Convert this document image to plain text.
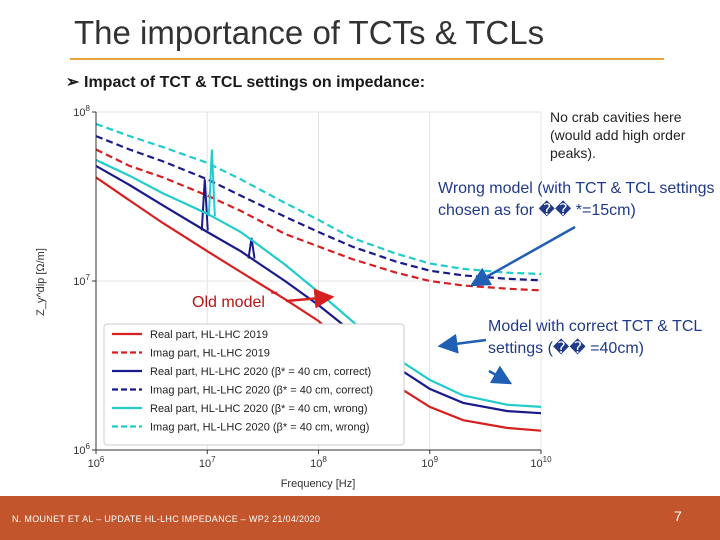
The importance of TCTs & TCLs
➢ Impact of TCT & TCL settings on impedance:
$10^6$	$10^7$	$10^8$	$10^9$	$10^{10}$
$10^6$
$10^7$
$10^8$
Real part, HL-LHC 2019
Imag part, HL-LHC 2019
Real part, HL-LHC 2020 (β* = 40 cm, correct)
Imag part, HL-LHC 2020 (β* = 40 cm, correct)
Real part, HL-LHC 2020 (β* = 40 cm, wrong)
Imag part, HL-LHC 2020 (β* = 40 cm, wrong)
Frequency [Hz]
Z_y^dip [Ω/m]
No crab cavities here (would add high order peaks).
Wrong model (with TCT & TCL settings chosen as for �� *=15cm)
Model with correct TCT & TCL settings (�� =40cm)
Old model
N. MOUNET ET AL – UPDATE HL-LHC IMPEDANCE – WP2 21/04/2020	7
